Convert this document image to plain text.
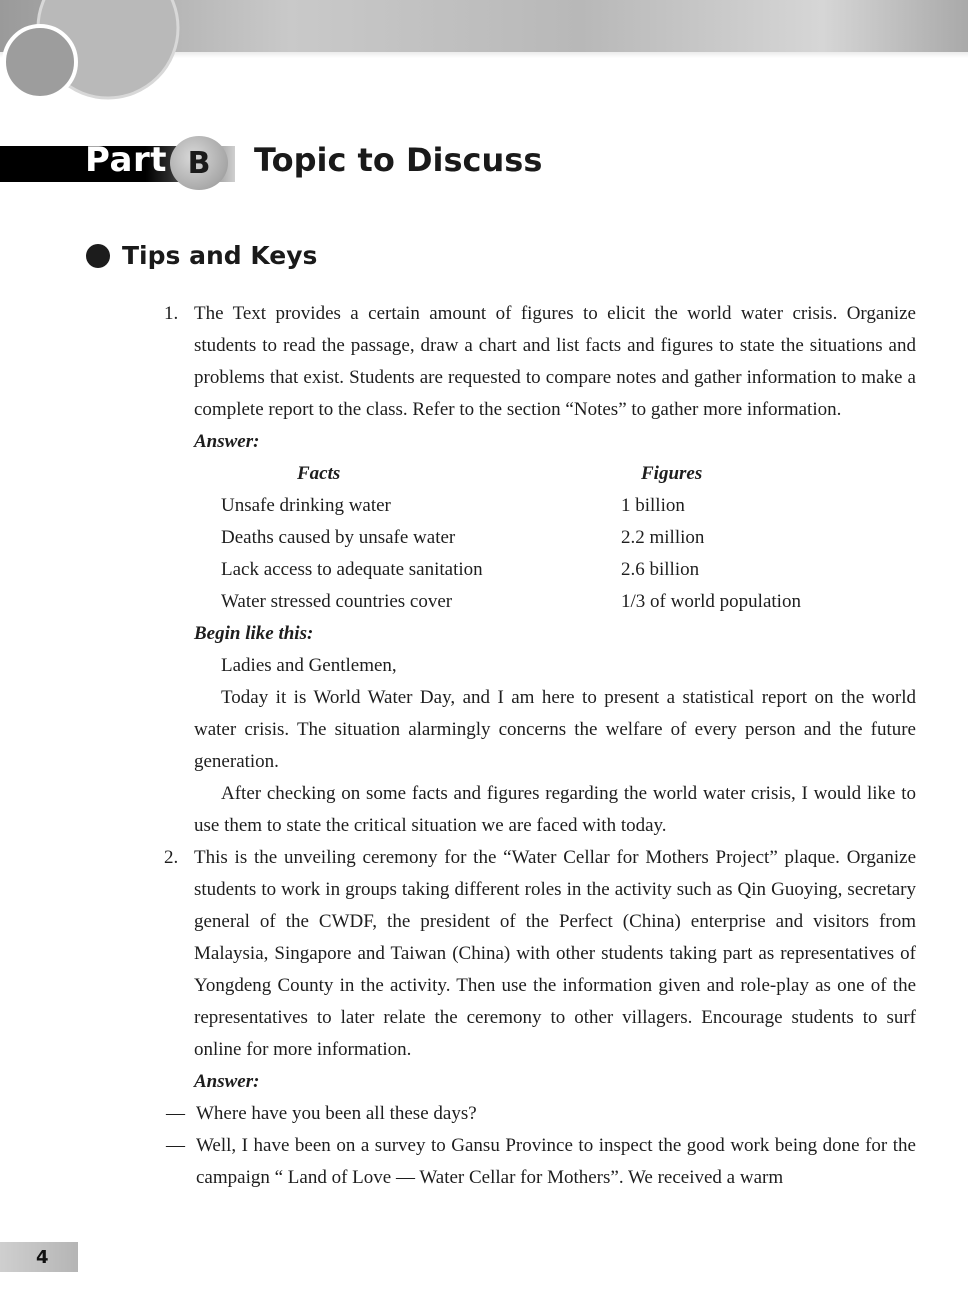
Part B Topic to Discuss
Tips and Keys
1. The Text provides a certain amount of figures to elicit the world water crisis. Organize students to read the passage, draw a chart and list facts and figures to state the situations and problems that exist. Students are requested to compare notes and gather information to make a complete report to the class. Refer to the section “Notes” to gather more information.

Answer:

Facts	Figures
Unsafe drinking water	1 billion
Deaths caused by unsafe water	2.2 million
Lack access to adequate sanitation	2.6 billion
Water stressed countries cover	1/3 of world population

Begin like this:

Ladies and Gentlemen,

Today it is World Water Day, and I am here to present a statistical report on the world water crisis. The situation alarmingly concerns the welfare of every person and the future generation.

After checking on some facts and figures regarding the world water crisis, I would like to use them to state the critical situation we are faced with today.

2. This is the unveiling ceremony for the “Water Cellar for Mothers Project” plaque. Organize students to work in groups taking different roles in the activity such as Qin Guoying, secretary general of the CWDF, the president of the Perfect (China) enterprise and visitors from Malaysia, Singapore and Taiwan (China) with other students taking part as representatives of Yongdeng County in the activity. Then use the information given and role-play as one of the representatives to later relate the ceremony to other villagers. Encourage students to surf online for more information.

Answer:

— Where have you been all these days?

— Well, I have been on a survey to Gansu Province to inspect the good work being done for the campaign “ Land of Love — Water Cellar for Mothers”. We received a warm

4
